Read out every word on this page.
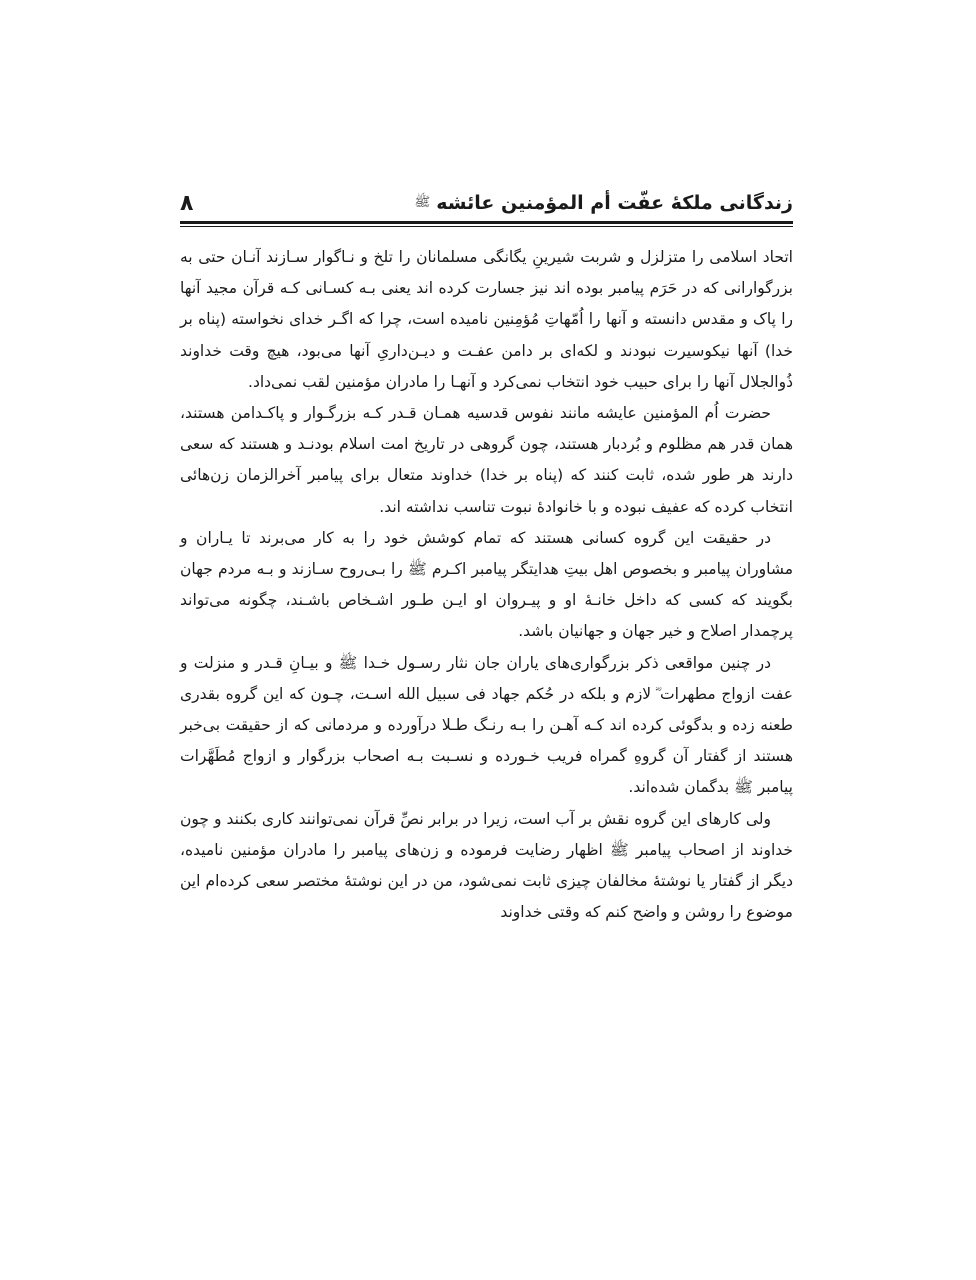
زندگانی ملکهٔ عفّت أم المؤمنين عائشه
ﷺ
٨

اتحاد اسلامی را متزلزل و شربت شیرینِ یگانگی مسلمانان را تلخ و نـاگوار سـازند آنـان حتی به بزرگوارانی که در حَرَم پیامبر بوده اند نیز جسارت کرده اند یعنی بـه کسـانی کـه قرآن مجید آنها را پاک و مقدس دانسته و آنها را اُمّهاتِ مُؤمِنین نامیده است، چرا که اگـر خدای نخواسته (پناه بر خدا) آنها نیکوسیرت نبودند و لکه‌ای بر دامن عفـت و دیـن‌داریِ آنها می‌بود، هیچ وقت خداوند ذُوالجلال آنها را برای حبیب خود انتخاب نمی‌کرد و آنهـا را مادران مؤمنین لقب نمی‌داد.

حضرت اُم المؤمنین عایشه مانند نفوس قدسیه همـان قـدر کـه بزرگـوار و پاکـدامن هستند، همان قدر هم مظلوم و بُردبار هستند، چون گروهی در تاریخ امت اسلام بودنـد و هستند که سعی دارند هر طور شده، ثابت کنند که (پناه بر خدا) خداوند متعال برای پیامبر آخرالزمان زن‌هائی انتخاب کرده که عفیف نبوده و با خانوادهٔ نبوت تناسب نداشته اند.

در حقیقت این گروه کسانی هستند که تمام کوشش خود را به کار می‌برند تا یـاران و مشاوران پیامبر و بخصوص اهل بیتِ هدایتگر پیامبر اکـرم ﷺ را بـی‌روح سـازند و بـه مردم جهان بگویند که کسی که داخل خانـهٔ او و پیـروان او ایـن طـور اشـخاص باشـند، چگونه می‌تواند پرچمدار اصلاح و خیر جهان و جهانیان باشد.

در چنین مواقعی ذکر بزرگواری‌های یاران جان نثار رسـول خـدا ﷺ و بیـانِ قـدر و منزلت و عفت ازواج مطهرات ؓ لازم و بلکه در حُکم جهاد فی سبیل الله اسـت، چـون که این گروه بقدری طعنه زده و بدگوئی کرده اند کـه آهـن را بـه رنـگ طـلا درآورده و مردمانی که از حقیقت بی‌خبر هستند از گفتار آن گروهِ گمراه فریب خـورده و نسـبت بـه اصحاب بزرگوار و ازواج مُطَهَّرات پیامبر ﷺ بدگمان شده‌اند.

ولی کارهای این گروه نقش بر آب است، زیرا در برابر نصِّ قرآن نمی‌توانند کاری بکنند و چون خداوند از اصحاب پیامبر ﷺ اظهار رضایت فرموده و زن‌های پیامبر را مادران مؤمنین نامیده، دیگر از گفتار یا نوشتهٔ مخالفان چیزی ثابت نمی‌شود، من در این نوشتهٔ مختصر سعی کرده‌ام این موضوع را روشن و واضح کنم که وقتی خداوند
